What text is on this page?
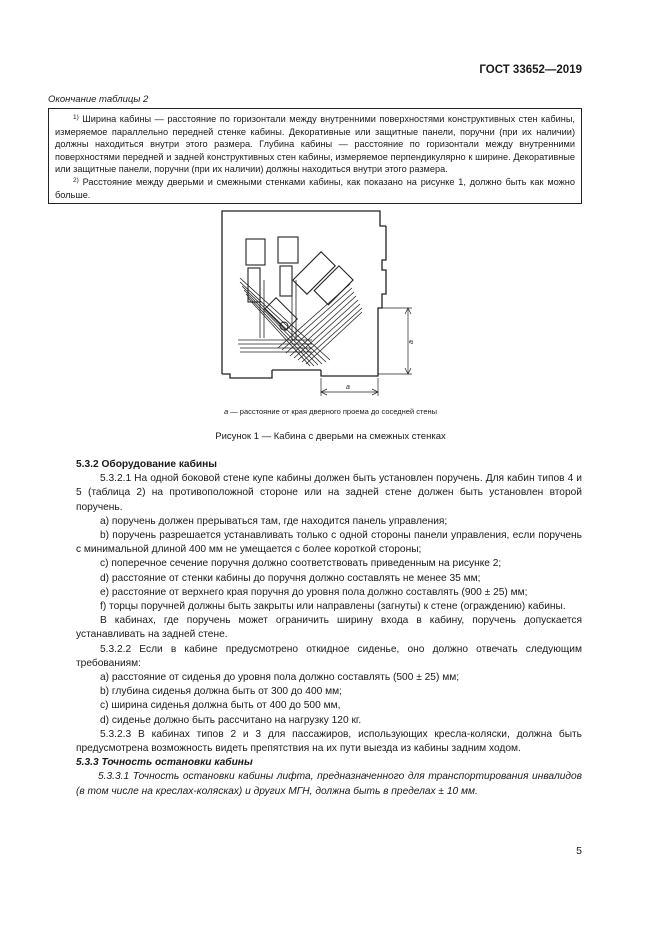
ГОСТ 33652—2019
Окончание таблицы 2

$^{1)}$ Ширина кабины — расстояние по горизонтали между внутренними поверхностями конструктивных стен кабины, измеряемое параллельно передней стенке кабины. Декоративные или защитные панели, поручни (при их наличии) должны находиться внутри этого размера. Глубина кабины — расстояние по горизонтали между внутренними поверхностями передней и задней конструктивных стен кабины, измеряемое перпендикулярно к ширине. Декоративные или защитные панели, поручни (при их наличии) должны находиться внутри этого размера.

$^{2)}$ Расстояние между дверьми и смежными стенками кабины, как показано на рисунке 1, должно быть как можно больше.

a
a
a — расстояние от края дверного проема до соседней стены
Рисунок 1 — Кабина с дверьми на смежных стенках

5.3.2 Оборудование кабины

5.3.2.1 На одной боковой стене купе кабины должен быть установлен поручень. Для кабин типов 4 и 5 (таблица 2) на противоположной стороне или на задней стене должен быть установлен второй поручень.

a) поручень должен прерываться там, где находится панель управления;

b) поручень разрешается устанавливать только с одной стороны панели управления, если поручень с минимальной длиной 400 мм не умещается с более короткой стороны;

c) поперечное сечение поручня должно соответствовать приведенным на рисунке 2;

d) расстояние от стенки кабины до поручня должно составлять не менее 35 мм;

e) расстояние от верхнего края поручня до уровня пола должно составлять (900 ± 25) мм;

f) торцы поручней должны быть закрыты или направлены (загнуты) к стене (ограждению) кабины.

В кабинах, где поручень может ограничить ширину входа в кабину, поручень допускается устанавливать на задней стене.

5.3.2.2 Если в кабине предусмотрено откидное сиденье, оно должно отвечать следующим требованиям:

a) расстояние от сиденья до уровня пола должно составлять (500 ± 25) мм;

b) глубина сиденья должна быть от 300 до 400 мм;

c) ширина сиденья должна быть от 400 до 500 мм,

d) сиденье должно быть рассчитано на нагрузку 120 кг.

5.3.2.3 В кабинах типов 2 и 3 для пассажиров, использующих кресла-коляски, должна быть предусмотрена возможность видеть препятствия на их пути выезда из кабины задним ходом.

5.3.3 Точность остановки кабины

5.3.3.1 Точность остановки кабины лифта, предназначенного для транспортирования инвалидов (в том числе на креслах-колясках) и других МГН, должна быть в пределах ± 10 мм.

5
